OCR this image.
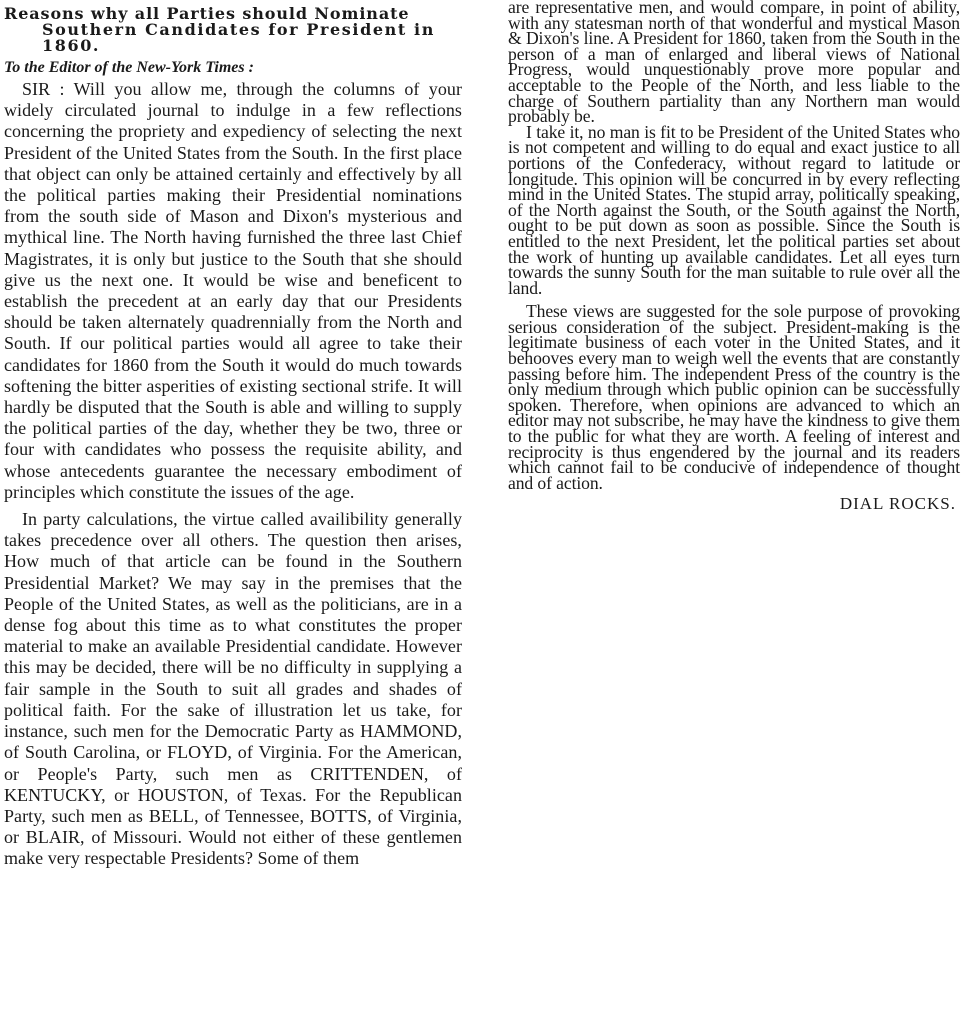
Reasons why all Parties should Nominate
Southern Candidates for President in
1860.

To the Editor of the New-York Times :

SIR : Will you allow me, through the columns of your widely circulated journal to indulge in a few reflections concerning the propriety and expediency of selecting the next President of the United States from the South. In the first place that object can only be attained certainly and effectively by all the political parties making their Presidential nominations from the south side of Mason and Dixon's mysterious and mythical line. The North having furnished the three last Chief Magistrates, it is only but justice to the South that she should give us the next one. It would be wise and beneficent to establish the precedent at an early day that our Presidents should be taken alternately quadrennially from the North and South. If our political parties would all agree to take their candidates for 1860 from the South it would do much towards softening the bitter asperities of existing sectional strife. It will hardly be disputed that the South is able and willing to supply the political parties of the day, whether they be two, three or four with candidates who possess the requisite ability, and whose antecedents guarantee the necessary embodiment of principles which constitute the issues of the age.

In party calculations, the virtue called availibility generally takes precedence over all others. The question then arises, How much of that article can be found in the Southern Presidential Market? We may say in the premises that the People of the United States, as well as the politicians, are in a dense fog about this time as to what constitutes the proper material to make an available Presidential candidate. However this may be decided, there will be no difficulty in supplying a fair sample in the South to suit all grades and shades of political faith. For the sake of illustration let us take, for instance, such men for the Democratic Party as HAMMOND, of South Carolina, or FLOYD, of Virginia. For the American, or People's Party, such men as CRITTENDEN, of KENTUCKY, or HOUSTON, of Texas. For the Republican Party, such men as BELL, of Tennessee, BOTTS, of Virginia, or BLAIR, of Missouri. Would not either of these gentlemen make very respectable Presidents? Some of them

are representative men, and would compare, in point of ability, with any statesman north of that wonderful and mystical Mason & Dixon's line. A President for 1860, taken from the South in the person of a man of enlarged and liberal views of National Progress, would unquestionably prove more popular and acceptable to the People of the North, and less liable to the charge of Southern partiality than any Northern man would probably be.

I take it, no man is fit to be President of the United States who is not competent and willing to do equal and exact justice to all portions of the Confederacy, without regard to latitude or longitude. This opinion will be concurred in by every reflecting mind in the United States. The stupid array, politically speaking, of the North against the South, or the South against the North, ought to be put down as soon as possible. Since the South is entitled to the next President, let the political parties set about the work of hunting up available candidates. Let all eyes turn towards the sunny South for the man suitable to rule over all the land.

These views are suggested for the sole purpose of provoking serious consideration of the subject. President-making is the legitimate business of each voter in the United States, and it behooves every man to weigh well the events that are constantly passing before him. The independent Press of the country is the only medium through which public opinion can be successfully spoken. Therefore, when opinions are advanced to which an editor may not subscribe, he may have the kindness to give them to the public for what they are worth. A feeling of interest and reciprocity is thus engendered by the journal and its readers which cannot fail to be conducive of independence of thought and of action.

DIAL ROCKS.
